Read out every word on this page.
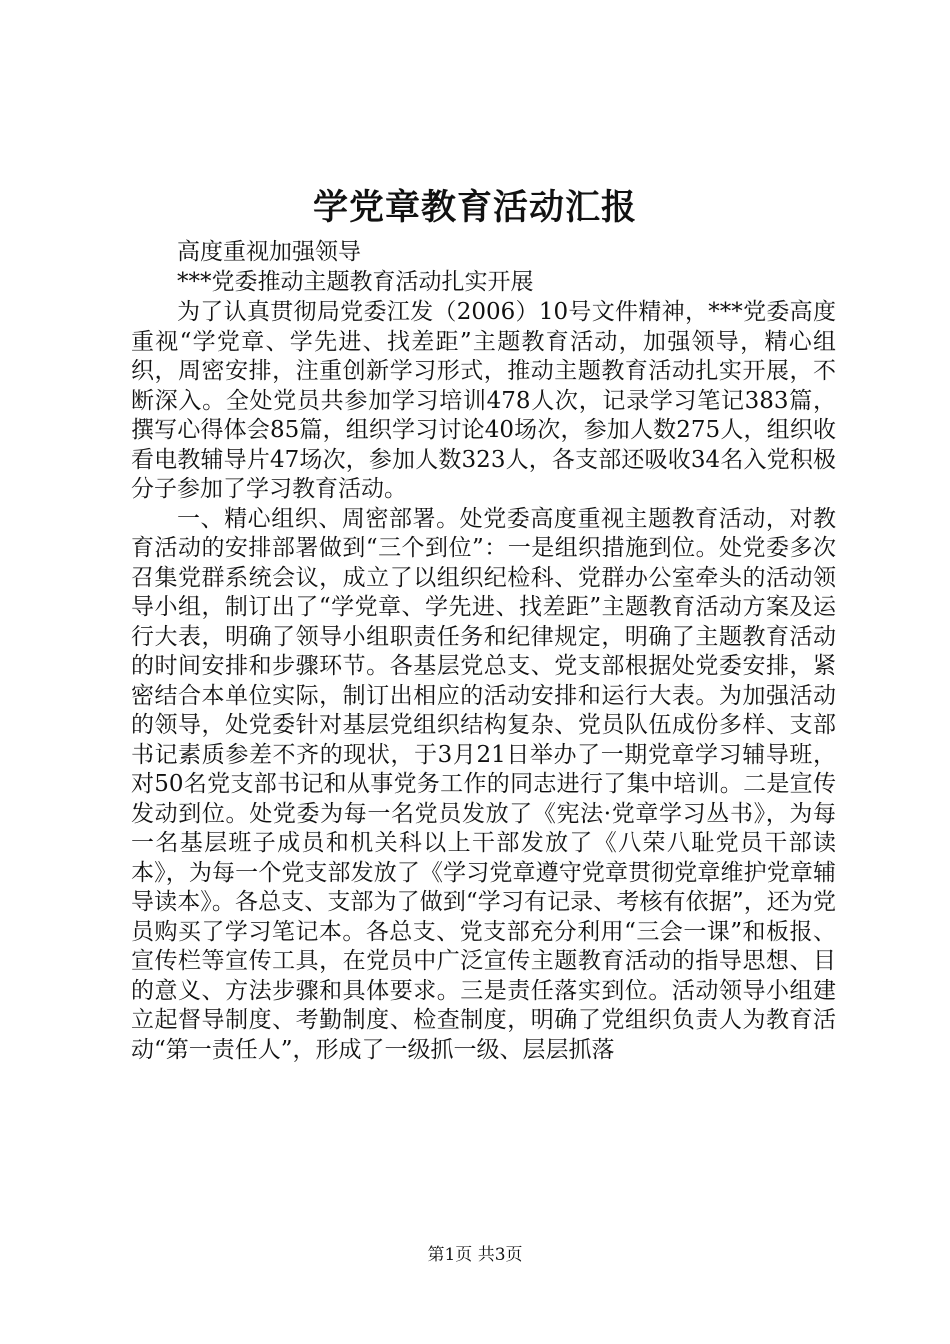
学党章教育活动汇报
高度重视加强领导
***党委推动主题教育活动扎实开展

为了认真贯彻局党委江发（2006）10号文件精神，***党委高度重视“学党章、学先进、找差距”主题教育活动，加强领导，精心组织，周密安排，注重创新学习形式，推动主题教育活动扎实开展，不断深入。全处党员共参加学习培训478人次，记录学习笔记383篇，撰写心得体会85篇，组织学习讨论40场次，参加人数275人，组织收看电教辅导片47场次，参加人数323人，各支部还吸收34名入党积极分子参加了学习教育活动。

一、精心组织、周密部署。处党委高度重视主题教育活动，对教育活动的安排部署做到“三个到位”：一是组织措施到位。处党委多次召集党群系统会议，成立了以组织纪检科、党群办公室牵头的活动领导小组，制订出了“学党章、学先进、找差距”主题教育活动方案及运行大表，明确了领导小组职责任务和纪律规定，明确了主题教育活动的时间安排和步骤环节。各基层党总支、党支部根据处党委安排，紧密结合本单位实际，制订出相应的活动安排和运行大表。为加强活动的领导，处党委针对基层党组织结构复杂、党员队伍成份多样、支部书记素质参差不齐的现状，于3月21日举办了一期党章学习辅导班，对50名党支部书记和从事党务工作的同志进行了集中培训。二是宣传发动到位。处党委为每一名党员发放了《宪法·党章学习丛书》，为每一名基层班子成员和机关科以上干部发放了《八荣八耻党员干部读本》，为每一个党支部发放了《学习党章遵守党章贯彻党章维护党章辅导读本》。各总支、支部为了做到“学习有记录、考核有依据”，还为党员购买了学习笔记本。各总支、党支部充分利用“三会一课”和板报、宣传栏等宣传工具，在党员中广泛宣传主题教育活动的指导思想、目的意义、方法步骤和具体要求。三是责任落实到位。活动领导小组建立起督导制度、考勤制度、检查制度，明确了党组织负责人为教育活动“第一责任人”，形成了一级抓一级、层层抓落

第1页 共3页
